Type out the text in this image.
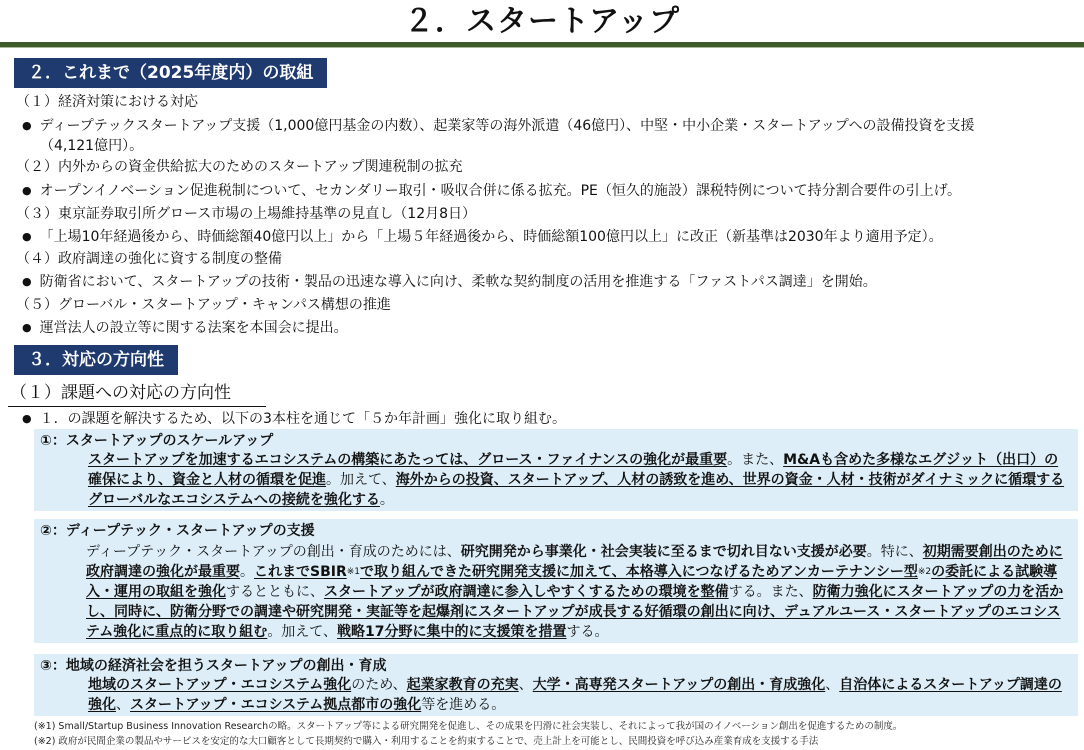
２．スタートアップ
２．これまで（2025年度内）の取組
（１）経済対策における対応
● ディープテックスタートアップ支援（1,000億円基金の内数）、起業家等の海外派遣（46億円）、中堅・中小企業・スタートアップへの設備投資を支援
（4,121億円）。
（２）内外からの資金供給拡大のためのスタートアップ関連税制の拡充
● オープンイノベーション促進税制について、セカンダリー取引・吸収合併に係る拡充。PE（恒久的施設）課税特例について持分割合要件の引上げ。
（３）東京証券取引所グロース市場の上場維持基準の見直し（12月8日）
● 「上場10年経過後から、時価総額40億円以上」から「上場５年経過後から、時価総額100億円以上」に改正（新基準は2030年より適用予定）。
（４）政府調達の強化に資する制度の整備
● 防衛省において、スタートアップの技術・製品の迅速な導入に向け、柔軟な契約制度の活用を推進する「ファストパス調達」を開始。
（５）グローバル・スタートアップ・キャンパス構想の推進
● 運営法人の設立等に関する法案を本国会に提出。
３．対応の方向性
（１）課題への対応の方向性
● １．の課題を解決するため、以下の3本柱を通じて「５か年計画」強化に取り組む。
①：スタートアップのスケールアップ
スタートアップを加速するエコシステムの構築にあたっては、グロース・ファイナンスの強化が最重要。また、M&Aも含めた多様なエグジット（出口）の確保により、資金と人材の循環を促進。加えて、海外からの投資、スタートアップ、人材の誘致を進め、世界の資金・人材・技術がダイナミックに循環するグローバルなエコシステムへの接続を強化する。
②：ディープテック・スタートアップの支援
ディープテック・スタートアップの創出・育成のためには、研究開発から事業化・社会実装に至るまで切れ目ない支援が必要。特に、初期需要創出のために政府調達の強化が最重要。これまでSBIR$^{※1}$で取り組んできた研究開発支援に加えて、本格導入につなげるためアンカーテナンシー型$^{※2}$の委託による試験導入・運用の取組を強化するとともに、スタートアップが政府調達に参入しやすくするための環境を整備する。また、防衛力強化にスタートアップの力を活かし、同時に、防衛分野での調達や研究開発・実証等を起爆剤にスタートアップが成長する好循環の創出に向け、デュアルユース・スタートアップのエコシステム強化に重点的に取り組む。加えて、戦略17分野に集中的に支援策を措置する。
③：地域の経済社会を担うスタートアップの創出・育成
地域のスタートアップ・エコシステム強化のため、起業家教育の充実、大学・高専発スタートアップの創出・育成強化、自治体によるスタートアップ調達の強化、スタートアップ・エコシステム拠点都市の強化等を進める。
(※1) Small/Startup Business Innovation Researchの略。スタートアップ等による研究開発を促進し、その成果を円滑に社会実装し、それによって我が国のイノベーション創出を促進するための制度。
(※2) 政府が民間企業の製品やサービスを安定的な大口顧客として長期契約で購入・利用することを約束することで、売上計上を可能とし、民間投資を呼び込み産業育成を支援する手法
